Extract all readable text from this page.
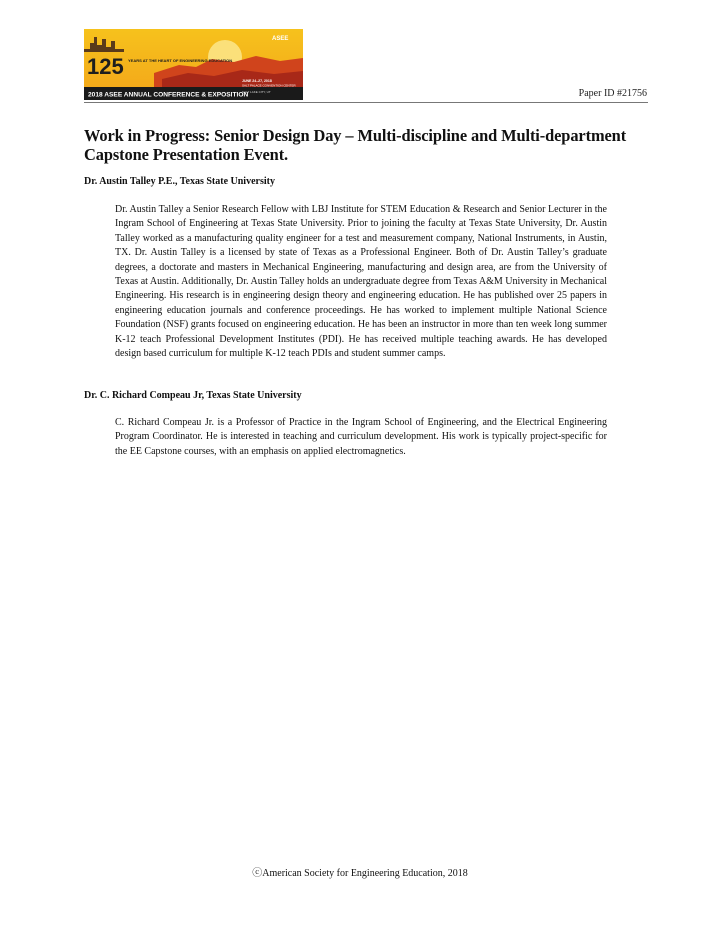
125 YEARS AT THE HEART OF ENGINEERING EDUCATION
ASEE
JUNE 24–27, 2018
SALT PALACE CONVENTION CENTER
2018 ASEE ANNUAL CONFERENCE & EXPOSITION
SALT LAKE CITY, UT	Paper ID #21756
Work in Progress: Senior Design Day – Multi-discipline and Multi-department Capstone Presentation Event.

Dr. Austin Talley P.E., Texas State University

Dr. Austin Talley a Senior Research Fellow with LBJ Institute for STEM Education & Research and Senior Lecturer in the Ingram School of Engineering at Texas State University. Prior to joining the faculty at Texas State University, Dr. Austin Talley worked as a manufacturing quality engineer for a test and measurement company, National Instruments, in Austin, TX. Dr. Austin Talley is a licensed by state of Texas as a Professional Engineer. Both of Dr. Austin Talley’s graduate degrees, a doctorate and masters in Mechanical Engineering, manufacturing and design area, are from the University of Texas at Austin. Additionally, Dr. Austin Talley holds an undergraduate degree from Texas A&M University in Mechanical Engineering. His research is in engineering design theory and engineering education. He has published over 25 papers in engineering education journals and conference proceedings. He has worked to implement multiple National Science Foundation (NSF) grants focused on engineering education. He has been an instructor in more than ten week long summer K-12 teach Professional Development Institutes (PDI). He has received multiple teaching awards. He has developed design based curriculum for multiple K-12 teach PDIs and student summer camps.

Dr. C. Richard Compeau Jr, Texas State University

C. Richard Compeau Jr. is a Professor of Practice in the Ingram School of Engineering, and the Electrical Engineering Program Coordinator. He is interested in teaching and curriculum development. His work is typically project-specific for the EE Capstone courses, with an emphasis on applied electromagnetics.

ⓒAmerican Society for Engineering Education, 2018
